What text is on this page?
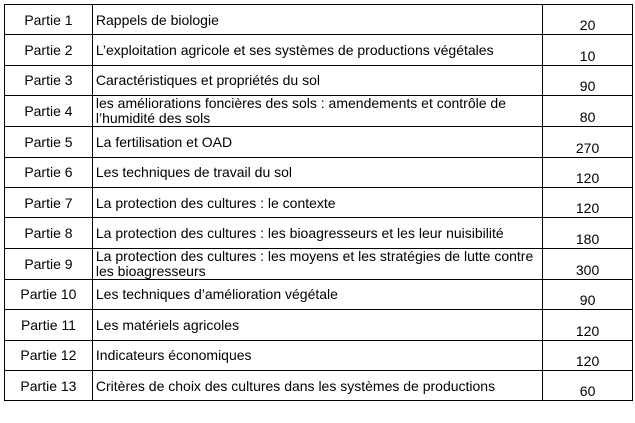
Partie 1	Rappels de biologie	20
Partie 2	L’exploitation agricole et ses systèmes de productions végétales	10
Partie 3	Caractéristiques et propriétés du sol	90
Partie 4	les améliorations foncières des sols : amendements et contrôle de l’humidité des sols	80
Partie 5	La fertilisation et OAD	270
Partie 6	Les techniques de travail du sol	120
Partie 7	La protection des cultures : le contexte	120
Partie 8	La protection des cultures : les bioagresseurs et les leur nuisibilité	180
Partie 9	La protection des cultures : les moyens et les stratégies de lutte contre les bioagresseurs	300
Partie 10	Les techniques d’amélioration végétale	90
Partie 11	Les matériels agricoles	120
Partie 12	Indicateurs économiques	120
Partie 13	Critères de choix des cultures dans les systèmes de productions	60
